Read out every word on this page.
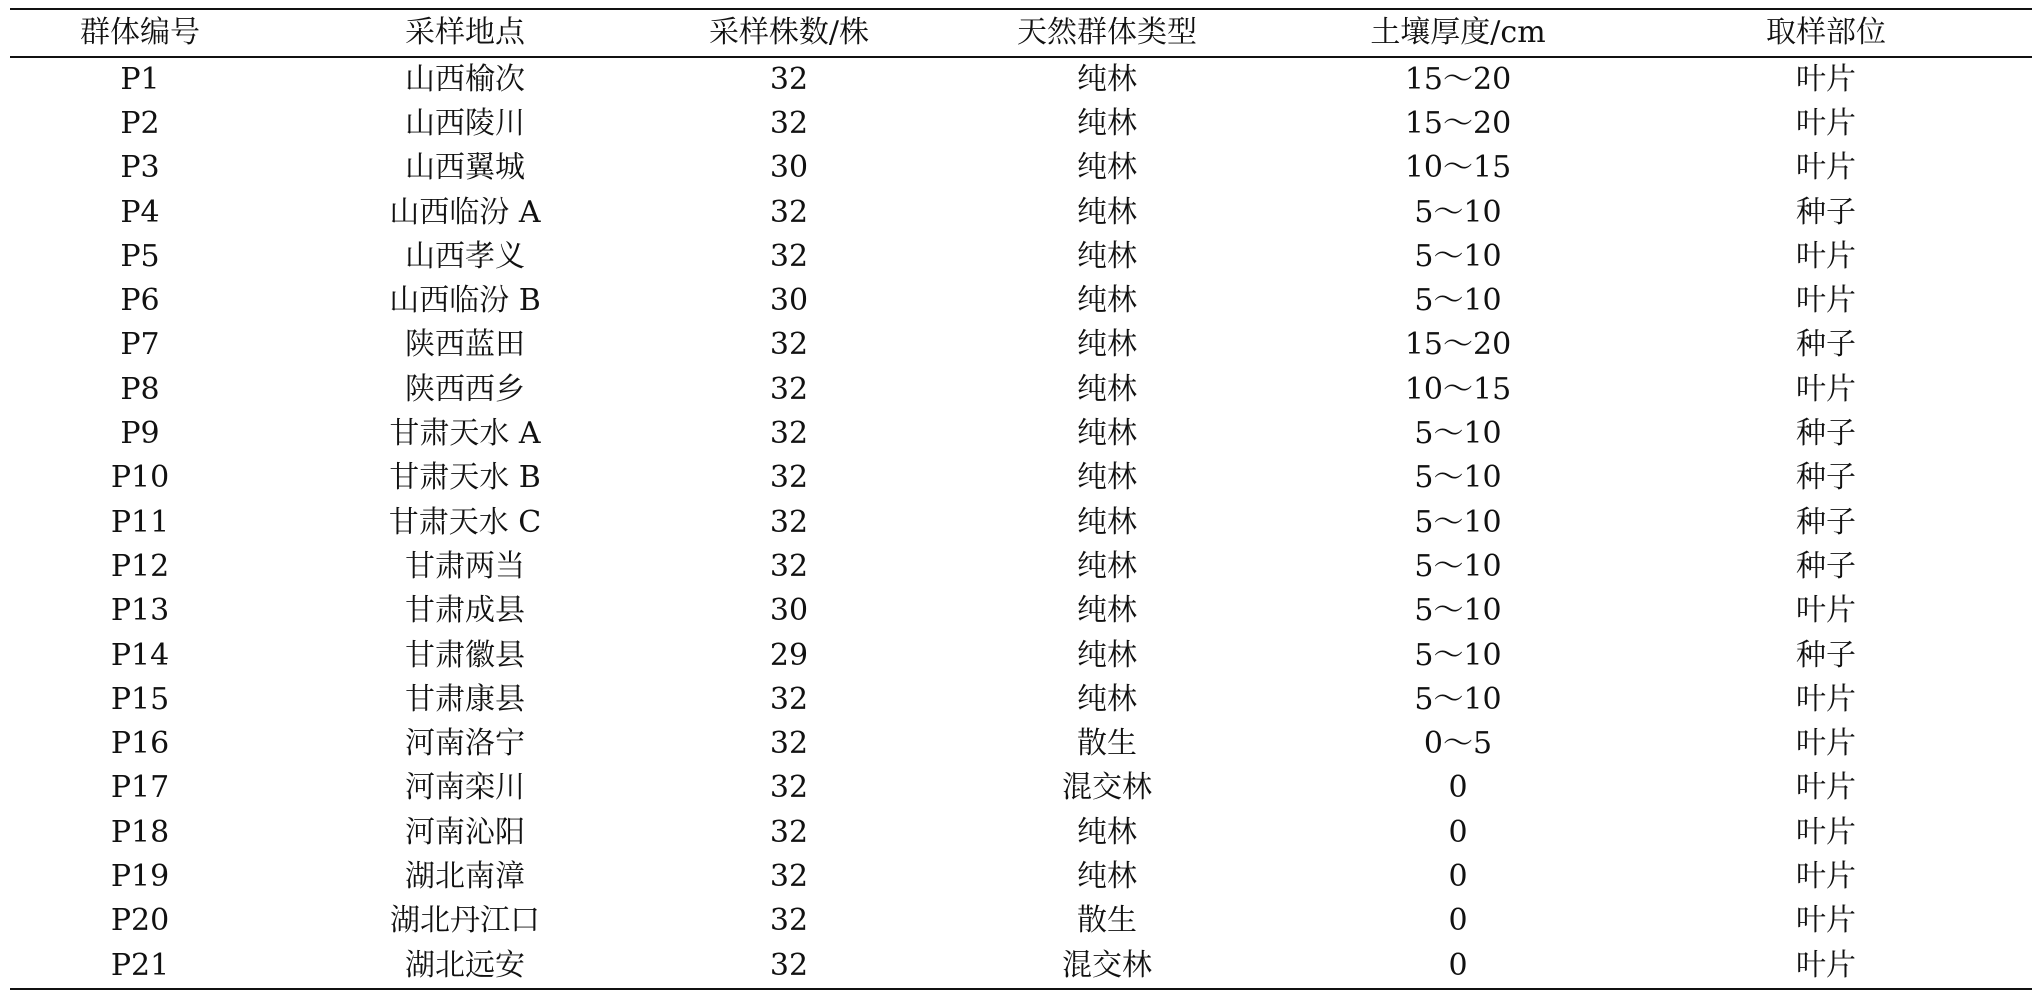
群体编号	采样地点	采样株数/株	天然群体类型	土壤厚度/cm	取样部位
P1	山西榆次	32	纯林	15～20	叶片
P2	山西陵川	32	纯林	15～20	叶片
P3	山西翼城	30	纯林	10～15	叶片
P4	山西临汾 A	32	纯林	5～10	种子
P5	山西孝义	32	纯林	5～10	叶片
P6	山西临汾 B	30	纯林	5～10	叶片
P7	陕西蓝田	32	纯林	15～20	种子
P8	陕西西乡	32	纯林	10～15	叶片
P9	甘肃天水 A	32	纯林	5～10	种子
P10	甘肃天水 B	32	纯林	5～10	种子
P11	甘肃天水 C	32	纯林	5～10	种子
P12	甘肃两当	32	纯林	5～10	种子
P13	甘肃成县	30	纯林	5～10	叶片
P14	甘肃徽县	29	纯林	5～10	种子
P15	甘肃康县	32	纯林	5～10	叶片
P16	河南洛宁	32	散生	0～5	叶片
P17	河南栾川	32	混交林	0	叶片
P18	河南沁阳	32	纯林	0	叶片
P19	湖北南漳	32	纯林	0	叶片
P20	湖北丹江口	32	散生	0	叶片
P21	湖北远安	32	混交林	0	叶片
